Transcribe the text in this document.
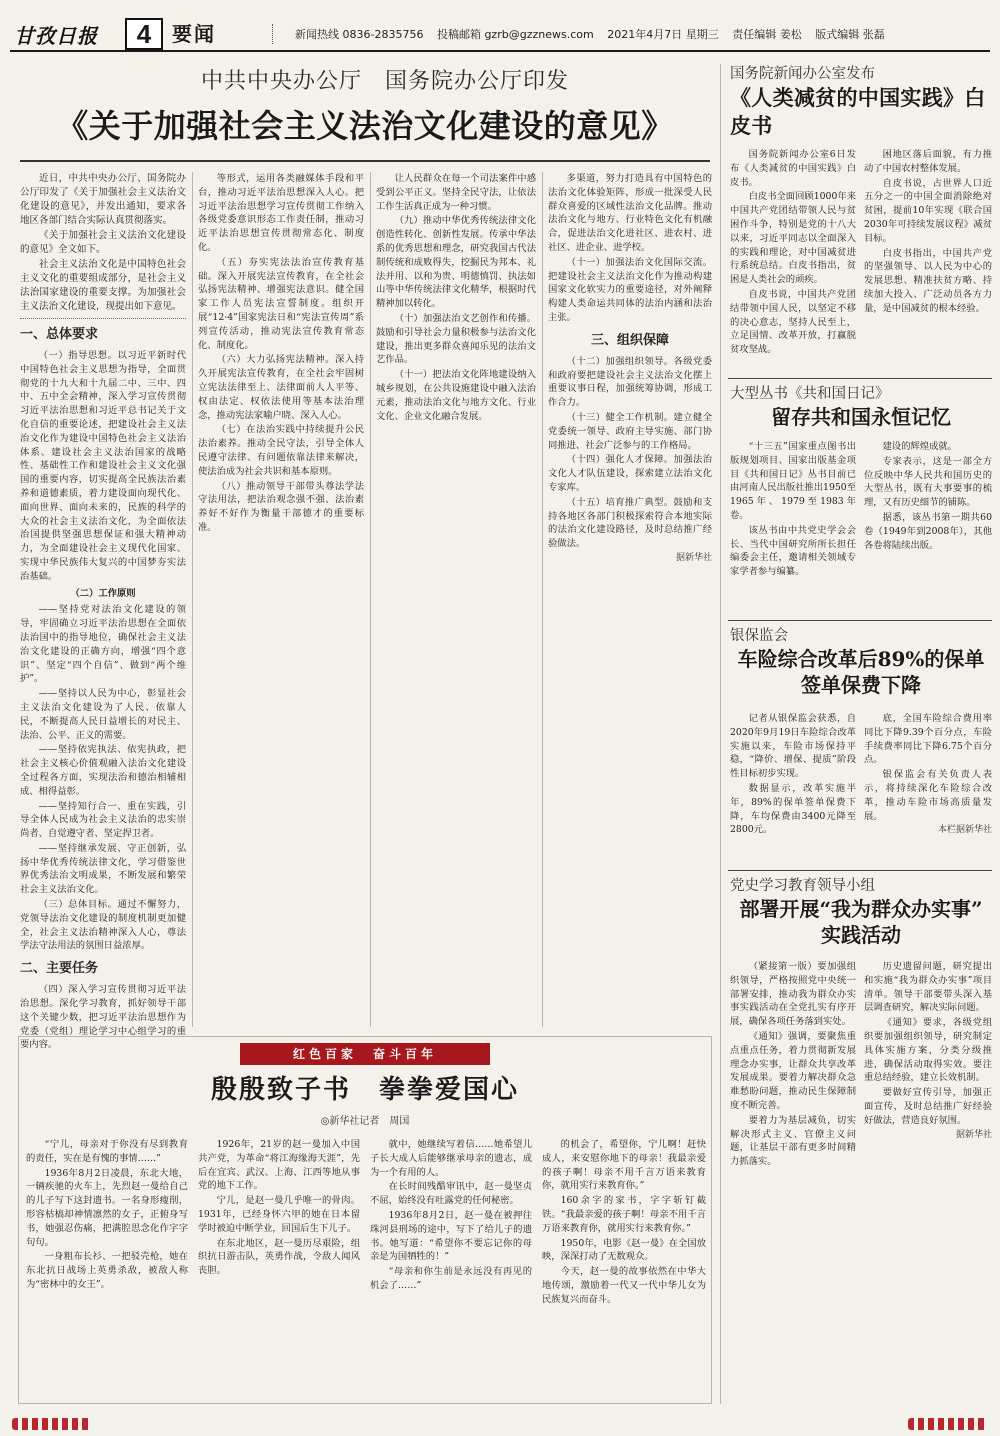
甘孜日报	4	要闻	新闻热线 0836-2835756 投稿邮箱 gzrb@gzznews.com 2021年4月7日 星期三 责任编辑 姜松 版式编辑 张磊
中共中央办公厅　国务院办公厅印发
《关于加强社会主义法治文化建设的意见》

近日，中共中央办公厅、国务院办公厅印发了《关于加强社会主义法治文化建设的意见》，并发出通知，要求各地区各部门结合实际认真贯彻落实。

《关于加强社会主义法治文化建设的意见》全文如下。

社会主义法治文化是中国特色社会主义文化的重要组成部分，是社会主义法治国家建设的重要支撑。为加强社会主义法治文化建设，现提出如下意见。

一、总体要求

（一）指导思想。以习近平新时代中国特色社会主义思想为指导，全面贯彻党的十九大和十九届二中、三中、四中、五中全会精神，深入学习宣传贯彻习近平法治思想和习近平总书记关于文化自信的重要论述，把建设社会主义法治文化作为建设中国特色社会主义法治体系、建设社会主义法治国家的战略性、基础性工作和建设社会主义文化强国的重要内容，切实提高全民族法治素养和道德素质，着力建设面向现代化、面向世界、面向未来的，民族的科学的大众的社会主义法治文化，为全面依法治国提供坚强思想保证和强大精神动力，为全面建设社会主义现代化国家、实现中华民族伟大复兴的中国梦夯实法治基础。

（二）工作原则

——坚持党对法治文化建设的领导，牢固确立习近平法治思想在全面依法治国中的指导地位，确保社会主义法治文化建设的正确方向，增强“四个意识”、坚定“四个自信”、做到“两个维护”。

——坚持以人民为中心，彰显社会主义法治文化建设为了人民、依靠人民，不断提高人民日益增长的对民主、法治、公平、正义的需要。

——坚持依宪执法、依宪执政，把社会主义核心价值观融入法治文化建设全过程各方面，实现法治和德治相辅相成、相得益彰。

——坚持知行合一、重在实践，引导全体人民成为社会主义法治的忠实崇尚者、自觉遵守者、坚定捍卫者。

——坚持继承发展、守正创新，弘扬中华优秀传统法律文化，学习借鉴世界优秀法治文明成果，不断发展和繁荣社会主义法治文化。

（三）总体目标。通过不懈努力，党领导法治文化建设的制度机制更加健全，社会主义法治精神深入人心，尊法学法守法用法的氛围日益浓厚。

二、主要任务

（四）深入学习宣传贯彻习近平法治思想。深化学习教育，抓好领导干部这个关键少数，把习近平法治思想作为党委（党组）理论学习中心组学习的重要内容。

等形式，运用各类融媒体手段和平台，推动习近平法治思想深入人心。把习近平法治思想学习宣传贯彻工作纳入各级党委意识形态工作责任制，推动习近平法治思想宣传贯彻常态化、制度化。

（五）夯实宪法法治宣传教育基础。深入开展宪法宣传教育，在全社会弘扬宪法精神、增强宪法意识。健全国家工作人员宪法宣誓制度。组织开展“12·4”国家宪法日和“宪法宣传周”系列宣传活动，推动宪法宣传教育常态化、制度化。

（六）大力弘扬宪法精神。深入持久开展宪法宣传教育，在全社会牢固树立宪法法律至上、法律面前人人平等、权由法定、权依法使用等基本法治理念，推动宪法家喻户晓、深入人心。

（七）在法治实践中持续提升公民法治素养。推动全民守法，引导全体人民遵守法律、有问题依靠法律来解决，使法治成为社会共识和基本原则。

（八）推动领导干部带头尊法学法守法用法，把法治观念强不强、法治素养好不好作为衡量干部德才的重要标准。

让人民群众在每一个司法案件中感受到公平正义。坚持全民守法，让依法工作生活真正成为一种习惯。

（九）推动中华优秀传统法律文化创造性转化、创新性发展。传承中华法系的优秀思想和理念，研究我国古代法制传统和成败得失，挖掘民为邦本、礼法并用、以和为贵、明德慎罚、执法如山等中华传统法律文化精华，根据时代精神加以转化。

（十）加强法治文艺创作和传播。鼓励和引导社会力量积极参与法治文化建设，推出更多群众喜闻乐见的法治文艺作品。

（十一）把法治文化阵地建设纳入城乡规划，在公共设施建设中融入法治元素，推动法治文化与地方文化、行业文化、企业文化融合发展。

多渠道，努力打造具有中国特色的法治文化体验矩阵，形成一批深受人民群众喜爱的区域性法治文化品牌。推动法治文化与地方、行业特色文化有机融合，促进法治文化进社区、进农村、进社区、进企业、进学校。

（十一）加强法治文化国际交流。把建设社会主义法治文化作为推动构建国家文化软实力的重要途径，对外阐释构建人类命运共同体的法治内涵和法治主张。

三、组织保障

（十二）加强组织领导。各级党委和政府要把建设社会主义法治文化摆上重要议事日程，加强统筹协调，形成工作合力。

（十三）健全工作机制。建立健全党委统一领导、政府主导实施、部门协同推进、社会广泛参与的工作格局。

（十四）强化人才保障。加强法治文化人才队伍建设，探索建立法治文化专家库。

（十五）培育推广典型。鼓励和支持各地区各部门积极探索符合本地实际的法治文化建设路径，及时总结推广经验做法。

据新华社
国务院新闻办公室发布
《人类减贫的中国实践》白皮书

国务院新闻办公室6日发布《人类减贫的中国实践》白皮书。

白皮书全面回顾1000年来中国共产党团结带领人民与贫困作斗争，特别是党的十八大以来，习近平同志以全面深入的实践和理论，对中国减贫进行系统总结。白皮书指出，贫困是人类社会的顽疾。

自皮书说，中国共产党团结带领中国人民，以坚定不移的决心意志，坚持人民至上，立足国情、改革开放，打赢脱贫攻坚战。

困地区落后面貌，有力推动了中国农村整体发展。

自皮书说，占世界人口近五分之一的中国全面消除绝对贫困，提前10年实现《联合国2030年可持续发展议程》减贫目标。

白皮书指出，中国共产党的坚强领导、以人民为中心的发展思想、精准扶贫方略、持续加大投入、广泛动员各方力量，是中国减贫的根本经验。

大型丛书《共和国日记》
留存共和国永恒记忆

“十三五”国家重点图书出版规划项目、国家出版基金项目《共和国日记》丛书目前已由河南人民出版社推出1950至1965年、1979至1983年卷。

该丛书由中共党史学会会长、当代中国研究所所长担任编委会主任，邀请相关领域专家学者参与编纂。

建设的辉煌成就。

专家表示，这是一部全方位反映中华人民共和国历史的大型丛书，既有大事要事的梳理，又有历史细节的铺陈。

据悉，该丛书第一期共60卷（1949年到2008年），其他各卷将陆续出版。

银保监会
车险综合改革后89%的保单签单保费下降

记者从银保监会获悉，自2020年9月19日车险综合改革实施以来，车险市场保持平稳，“降价、增保、提质”阶段性目标初步实现。

数据显示，改革实施半年，89%的保单签单保费下降，车均保费由3400元降至2800元。

底，全国车险综合费用率同比下降9.39个百分点，车险手续费率同比下降6.75个百分点。

银保监会有关负责人表示，将持续深化车险综合改革，推动车险市场高质量发展。

本栏据新华社
党史学习教育领导小组
部署开展“我为群众办实事”
实践活动

（紧接第一版）要加强组织领导，严格按照党中央统一部署安排，推动我为群众办实事实践活动在全党扎实有序开展，确保各项任务落到实处。

《通知》强调，要聚焦重点重点任务，着力贯彻新发展理念办实事，让群众共享改革发展成果。要着力解决群众急难愁盼问题，推动民生保障制度不断完善。

要着力为基层减负，切实解决形式主义、官僚主义问题，让基层干部有更多时间精力抓落实。

历史遗留问题，研究提出和实施“我为群众办实事”项目清单。领导干部要带头深入基层调查研究，解决实际问题。

《通知》要求，各级党组织要加强组织领导，研究制定具体实施方案，分类分级推进，确保活动取得实效。要注重总结经验，建立长效机制。

要做好宣传引导，加强正面宣传，及时总结推广好经验好做法，营造良好氛围。

据新华社
红色百家　奋斗百年
殷殷致子书　拳拳爱国心
◎新华社记者　周国

“宁儿，母亲对于你没有尽到教育的责任，实在是有愧的事情……”

1936年8月2日凌晨，东北大地，一辆疾驰的火车上，先烈赵一曼给自己的儿子写下这封遗书。一名身形瘦削，形容枯槁却神情凛然的女子，正俯身写书，她强忍伤痛，把满腔思念化作字字句句。

一身粗布长衫、一把驳壳枪，她在东北抗日战场上英勇杀敌，被敌人称为“密林中的女王”。

1926年，21岁的赵一曼加入中国共产党，为革命“将江海缘海天涯”，先后在宜宾、武汉、上海、江西等地从事党的地下工作。

宁儿，是赵一曼几乎唯一的骨肉。1931年，已经身怀六甲的她在日本留学时被迫中断学业，回国后生下儿子。

在东北地区，赵一曼历尽艰险，组织抗日游击队，英勇作战，令敌人闻风丧胆。

就中，她继续写着信……她希望儿子长大成人后能够继承母亲的遗志，成为一个有用的人。

在长时间残酷审讯中，赵一曼坚贞不屈，始终没有吐露党的任何秘密。

1936年8月2日，赵一曼在被押往珠河县刑场的途中，写下了给儿子的遗书。她写道：“希望你不要忘记你的母亲是为国牺牲的！”

“母亲和你生前是永远没有再见的机会了……”

的机会了，希望你，宁儿啊！赶快成人，来安慰你地下的母亲！我最亲爱的孩子啊！母亲不用千言万语来教育你，就用实行来教育你。”

160余字的家书，字字斩钉截铁。“我最亲爱的孩子啊！母亲不用千言万语来教育你，就用实行来教育你。”

1950年，电影《赵一曼》在全国放映，深深打动了无数观众。

今天，赵一曼的故事依然在中华大地传颂，激励着一代又一代中华儿女为民族复兴而奋斗。
